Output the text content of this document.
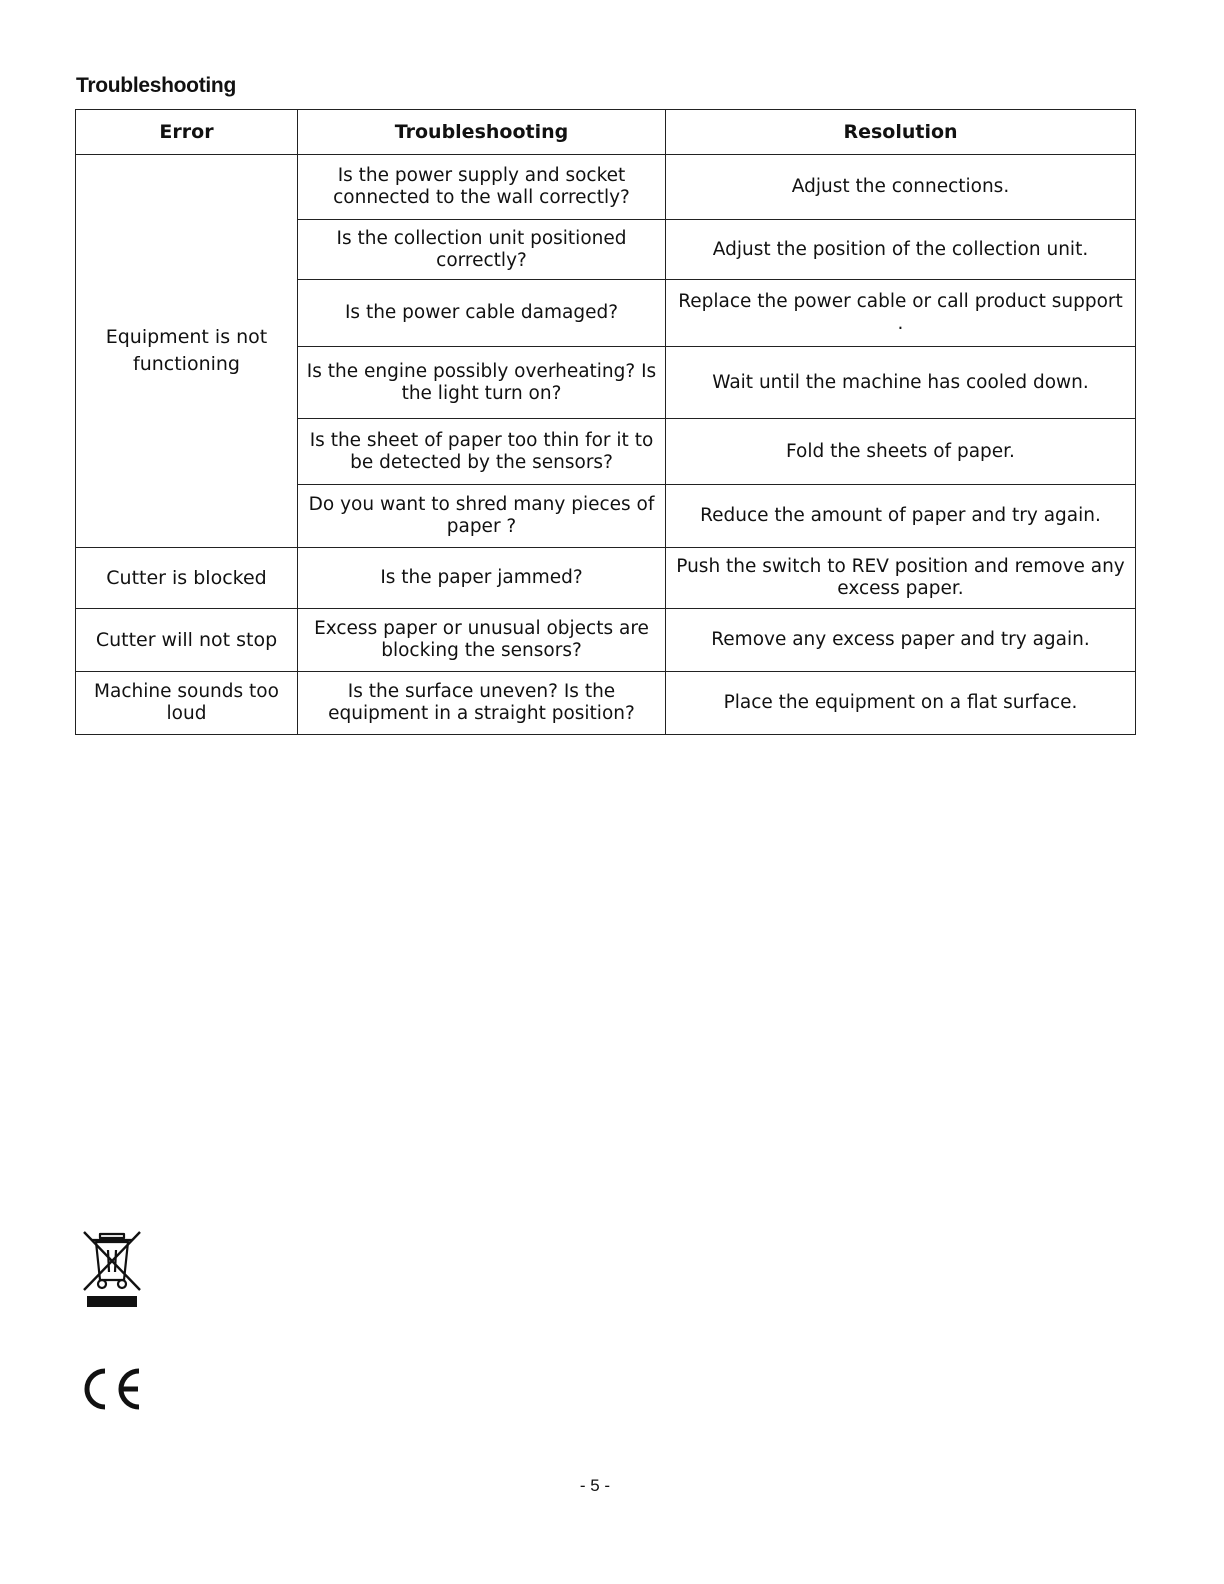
Troubleshooting
Error	Troubleshooting	Resolution
Equipment is not functioning	Is the power supply and socket connected to the wall correctly?	Adjust the connections.
	Is the collection unit positioned correctly?	Adjust the position of the collection unit.
	Is the power cable damaged?	Replace the power cable or call product support .
	Is the engine possibly overheating? Is the light turn on?	Wait until the machine has cooled down.
	Is the sheet of paper too thin for it to be detected by the sensors?	Fold the sheets of paper.
	Do you want to shred many pieces of paper ?	Reduce the amount of paper and try again.
Cutter is blocked	Is the paper jammed?	Push the switch to REV position and remove any excess paper.
Cutter will not stop	Excess paper or unusual objects are blocking the sensors?	Remove any excess paper and try again.
Machine sounds too loud	Is the surface uneven? Is the equipment in a straight position?	Place the equipment on a flat surface.
- 5 -
